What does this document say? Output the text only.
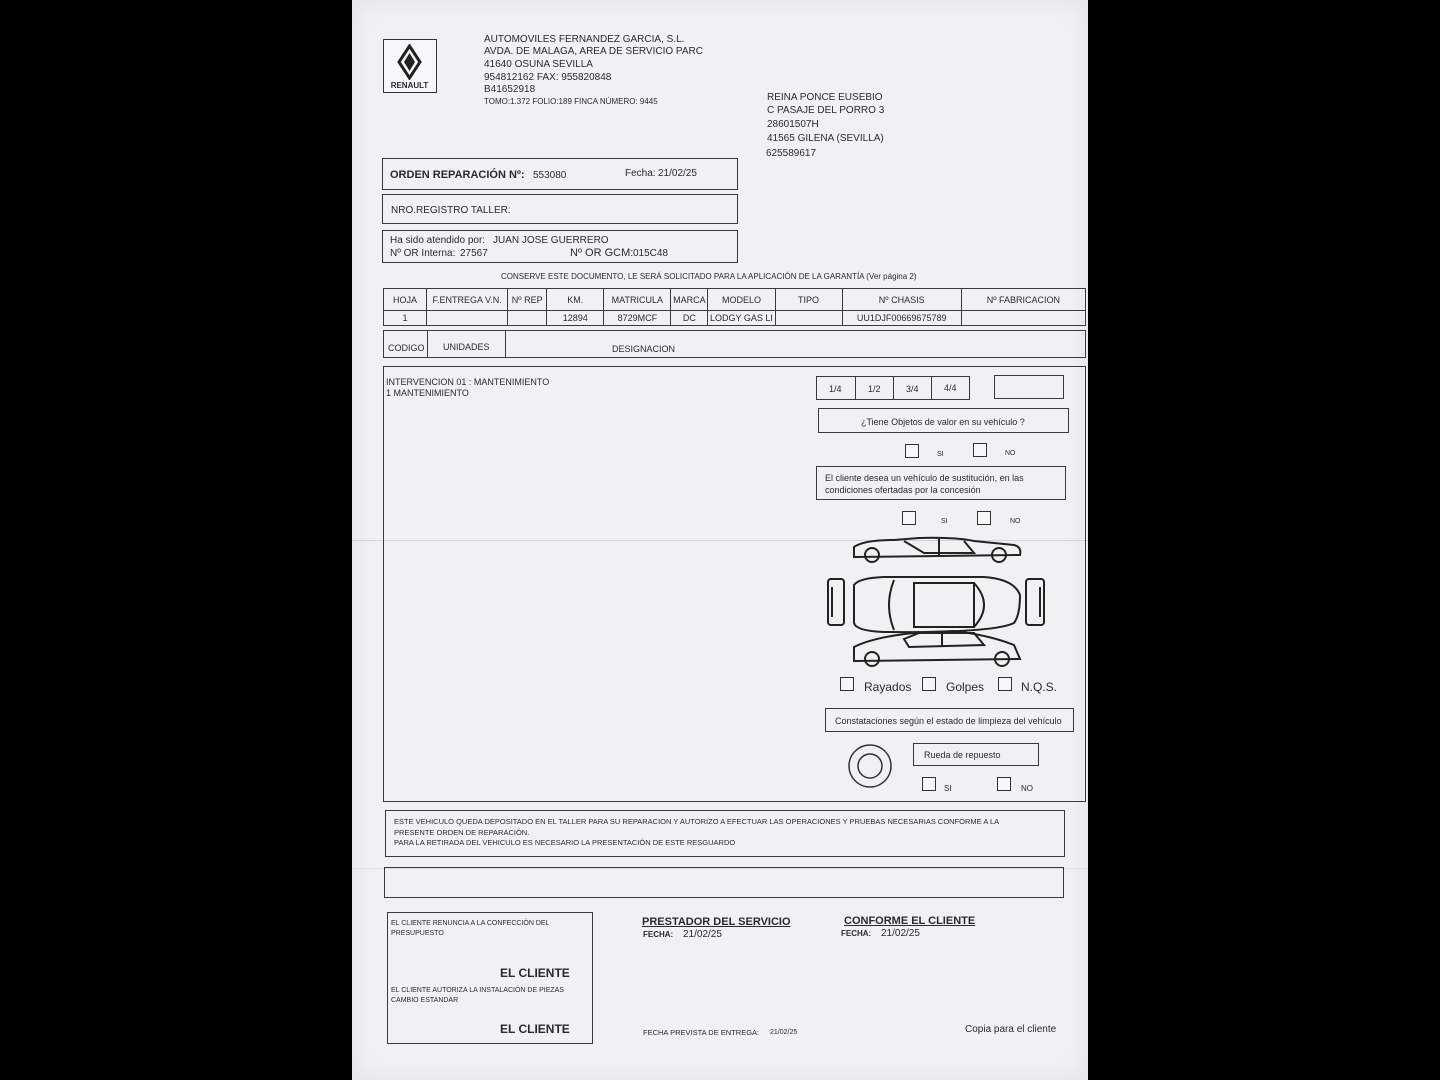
RENAULT
AUTOMOVILES FERNANDEZ GARCIA, S.L.
AVDA. DE MALAGA, AREA DE SERVICIO PARC
41640 OSUNA SEVILLA
954812162 FAX: 955820848
B41652918
TOMO:1.372 FOLIO:189 FINCA NÚMERO: 9445	REINA PONCE EUSEBIO
C PASAJE DEL PORRO 3
28601507H
41565 GILENA (SEVILLA)
625589617
ORDEN REPARACIÓN Nº: 553080	Fecha: 21/02/25
NRO.REGISTRO TALLER:
Ha sido atendido por: JUAN JOSE GUERRERO
Nº OR Interna: 27567	Nº OR GCM: 015C48
CONSERVE ESTE DOCUMENTO, LE SERÁ SOLICITADO PARA LA APLICACIÓN DE LA GARANTÍA (Ver página 2)
HOJA	F.ENTREGA V.N.	Nº REP	KM.	MATRICULA	MARCA	MODELO	TIPO	Nº CHASIS	Nº FABRICACION
1			12894	8729MCF	DC	LODGY GAS LI		UU1DJF00669675789	
CODIGO UNIDADES	DESIGNACION
INTERVENCION 01 : MANTENIMIENTO
1 MANTENIMIENTO	1/4	1/2	3/4	4/4
¿Tiene Objetos de valor en su vehículo ?
SI	NO
El cliente desea un vehículo de sustitución, en las
condiciones ofertadas por la concesión
SI	NO
Rayados	Golpes	N.Q.S.
Constataciones según el estado de limpieza del vehículo
Rueda de repuesto
SI	NO
ESTE VEHICULO QUEDA DEPOSITADO EN EL TALLER PARA SU REPARACION Y AUTORIZO A EFECTUAR LAS OPERACIONES Y PRUEBAS NECESARIAS CONFORME A LA
PRESENTE ORDEN DE REPARACIÓN.
PARA LA RETIRADA DEL VEHICULO ES NECESARIO LA PRESENTACIÓN DE ESTE RESGUARDO
EL CLIENTE RENUNCIA A LA CONFECCIÓN DEL
PRESUPUESTO
EL CLIENTE
EL CLIENTE AUTORIZA LA INSTALACIÓN DE PIEZAS
CAMBIO ESTANDAR
EL CLIENTE
PRESTADOR DEL SERVICIO
FECHA: 21/02/25
CONFORME EL CLIENTE
FECHA: 21/02/25
FECHA PREVISTA DE ENTREGA: 21/02/25	Copia para el cliente
